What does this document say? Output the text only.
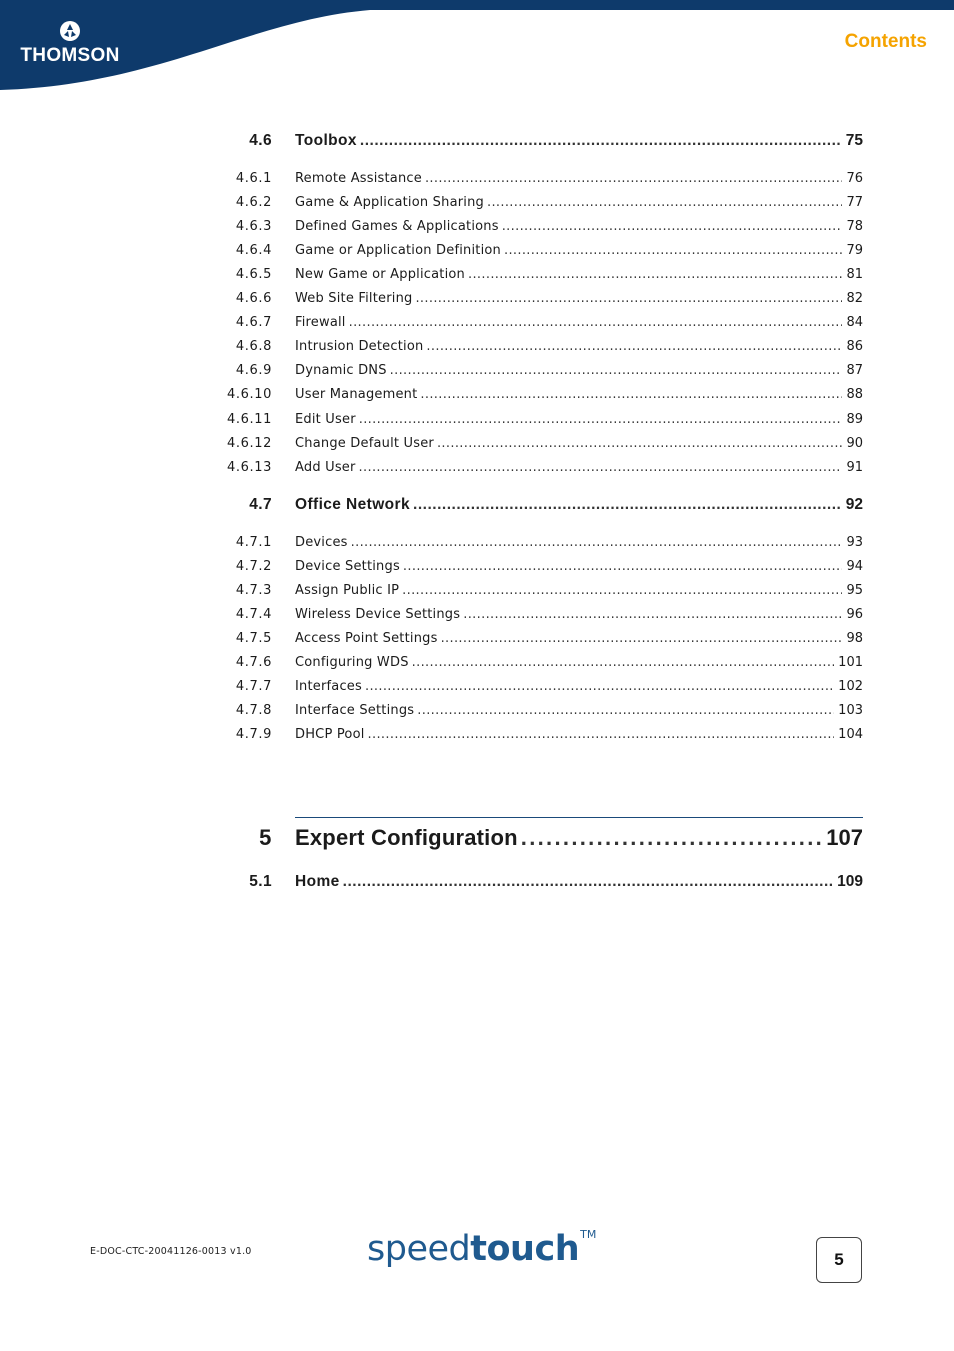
THOMSON
Contents
4.6 Toolbox . . .	75
4.6.1 Remote Assistance . . .	76
4.6.2 Game & Application Sharing . . .	77
4.6.3 Defined Games & Applications . . .	78
4.6.4 Game or Application Definition . . .	79
4.6.5 New Game or Application . . .	81
4.6.6 Web Site Filtering . . .	82
4.6.7 Firewall . . .	84
4.6.8 Intrusion Detection . . .	86
4.6.9 Dynamic DNS . . .	87
4.6.10 User Management . . .	88
4.6.11 Edit User . . .	89
4.6.12 Change Default User . . .	90
4.6.13 Add User . . .	91
4.7 Office Network . . .	92
4.7.1 Devices . . .	93
4.7.2 Device Settings . . .	94
4.7.3 Assign Public IP . . .	95
4.7.4 Wireless Device Settings . . .	96
4.7.5 Access Point Settings . . .	98
4.7.6 Configuring WDS . . .	101
4.7.7 Interfaces . . .	102
4.7.8 Interface Settings . . .	103
4.7.9 DHCP Pool . . .	104
5 Expert Configuration . . .	107
5.1 Home . . .	109
E-DOC-CTC-20041126-0013 v1.0	speedtouch™
5
